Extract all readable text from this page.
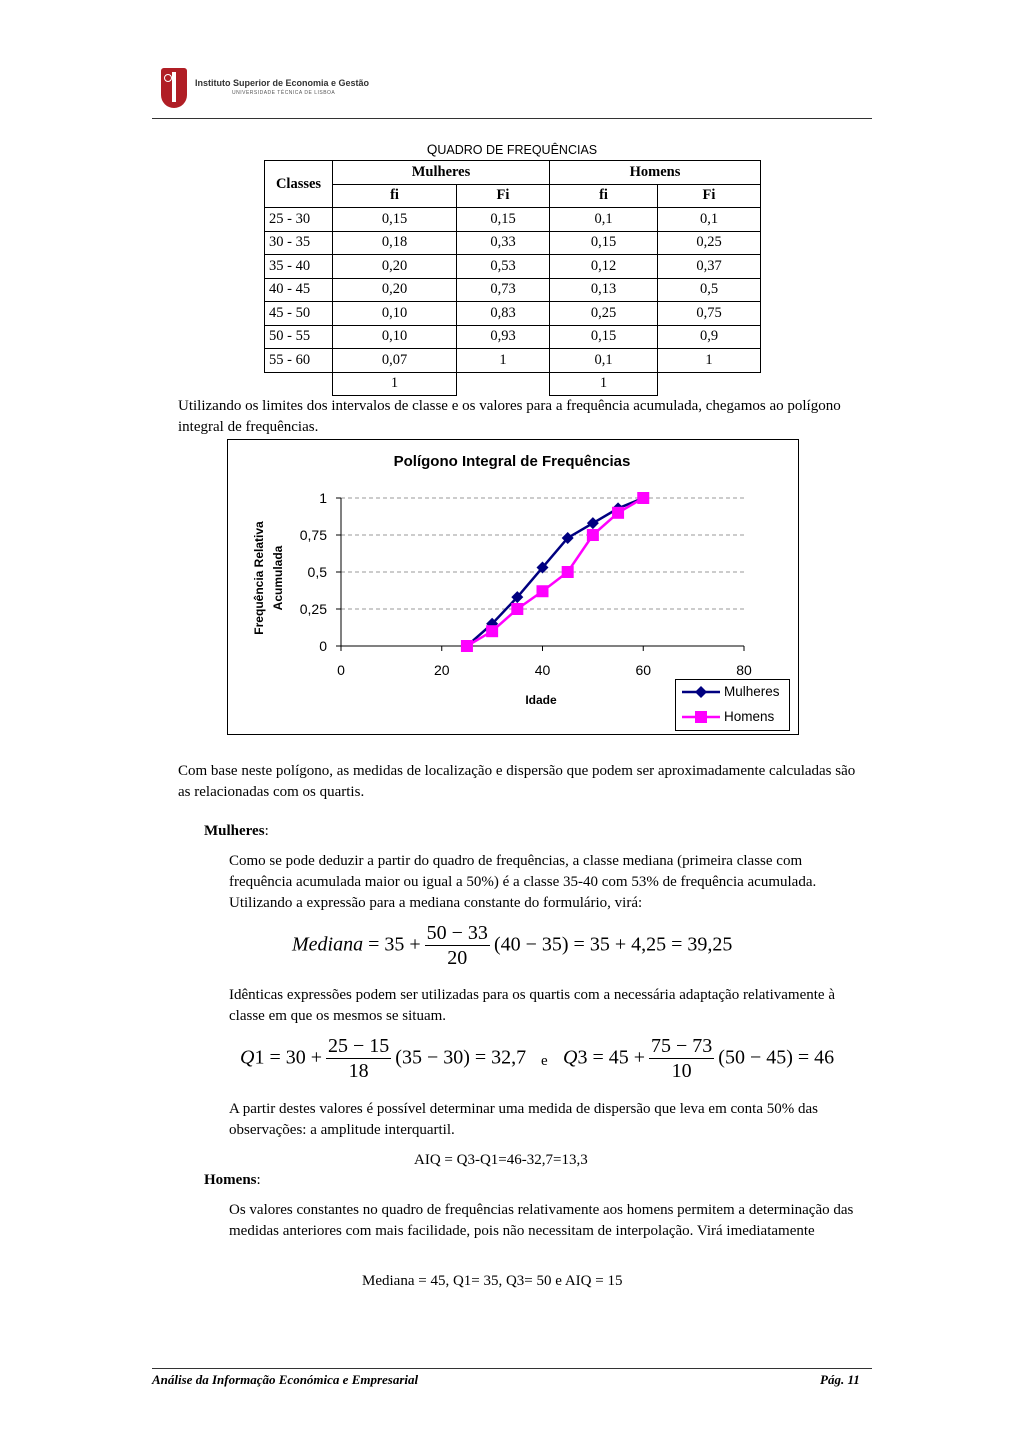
Instituto Superior de Economia e Gestão
UNIVERSIDADE TÉCNICA DE LISBOA
QUADRO DE FREQUÊNCIAS
Classes	Mulheres		Homens	
	fi	Fi	fi	Fi
25 - 30	0,15	0,15	0,1	0,1
30 - 35	0,18	0,33	0,15	0,25
35 - 40	0,20	0,53	0,12	0,37
40 - 45	0,20	0,73	0,13	0,5
45 - 50	0,10	0,83	0,25	0,75
50 - 55	0,10	0,93	0,15	0,9
55 - 60	0,07	1	0,1	1
	1		1	
Utilizando os limites dos intervalos de classe e os valores para a frequência acumulada, chegamos ao polígono integral de frequências.
Polígono Integral de Frequências
Frequência Relativa Acumulada
Idade
0
0,25
0,5
0,75
1
0	20	40	60	80
Mulheres
Homens
Com base neste polígono, as medidas de localização e dispersão que podem ser aproximadamente calculadas são as relacionadas com os quartis.
Mulheres:
Como se pode deduzir a partir do quadro de frequências, a classe mediana (primeira classe com frequência acumulada maior ou igual a 50%) é a classe 35-40 com 53% de frequência acumulada. Utilizando a expressão para a mediana constante do formulário, virá:
Mediana = $35 + \frac{50 - 33}{20} (40 - 35) = 35 + 4,25 = 39,25$
Idênticas expressões podem ser utilizadas para os quartis com a necessária adaptação relativamente à classe em que os mesmos se situam.
$Q1 = 30 + \frac{25 - 15}{18} (35 - 30) = 32,7$ e $Q3 = 45 + \frac{75 - 73}{10} (50 - 45) = 46$
A partir destes valores é possível determinar uma medida de dispersão que leva em conta 50% das observações: a amplitude interquartil.
AIQ = Q3-Q1=46-32,7=13,3
Homens:
Os valores constantes no quadro de frequências relativamente aos homens permitem a determinação das medidas anteriores com mais facilidade, pois não necessitam de interpolação. Virá imediatamente
Mediana = 45, Q1= 35, Q3= 50 e AIQ = 15
Análise da Informação Económica e Empresarial	Pág. 11
